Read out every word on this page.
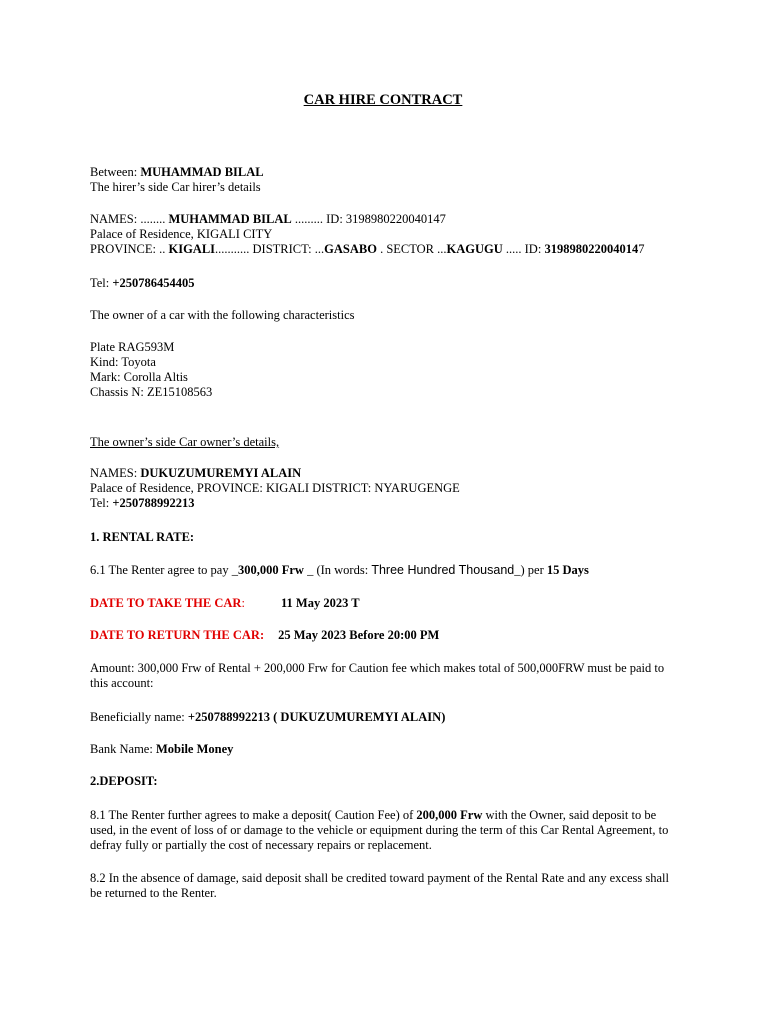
CAR HIRE CONTRACT
Between: MUHAMMAD BILAL
The hirer’s side Car hirer’s details
NAMES: ........ MUHAMMAD BILAL ......... ID: 3198980220040147
Palace of Residence, KIGALI CITY
PROVINCE: .. KIGALI........... DISTRICT: ...GASABO . SECTOR ...KAGUGU ..... ID: 3198980220040147
Tel: +250786454405
The owner of a car with the following characteristics
Plate RAG593M
Kind: Toyota
Mark: Corolla Altis
Chassis N: ZE15108563
The owner’s side Car owner’s details,
NAMES: DUKUZUMUREMYI ALAIN
Palace of Residence, PROVINCE: KIGALI DISTRICT: NYARUGENGE
Tel: +250788992213
1. RENTAL RATE:
6.1 The Renter agree to pay _300,000 Frw _ (In words: Three Hundred Thousand_) per 15 Days
DATE TO TAKE THE CAR:	11 May 2023 T
DATE TO RETURN THE CAR: 25 May 2023 Before 20:00 PM
Amount: 300,000 Frw of Rental + 200,000 Frw for Caution fee which makes total of 500,000FRW must be paid to
this account:
Beneficially name: +250788992213 ( DUKUZUMUREMYI ALAIN)
Bank Name: Mobile Money
2.DEPOSIT:
8.1 The Renter further agrees to make a deposit( Caution Fee) of 200,000 Frw with the Owner, said deposit to be
used, in the event of loss of or damage to the vehicle or equipment during the term of this Car Rental Agreement, to
defray fully or partially the cost of necessary repairs or replacement.
8.2 In the absence of damage, said deposit shall be credited toward payment of the Rental Rate and any excess shall
be returned to the Renter.
